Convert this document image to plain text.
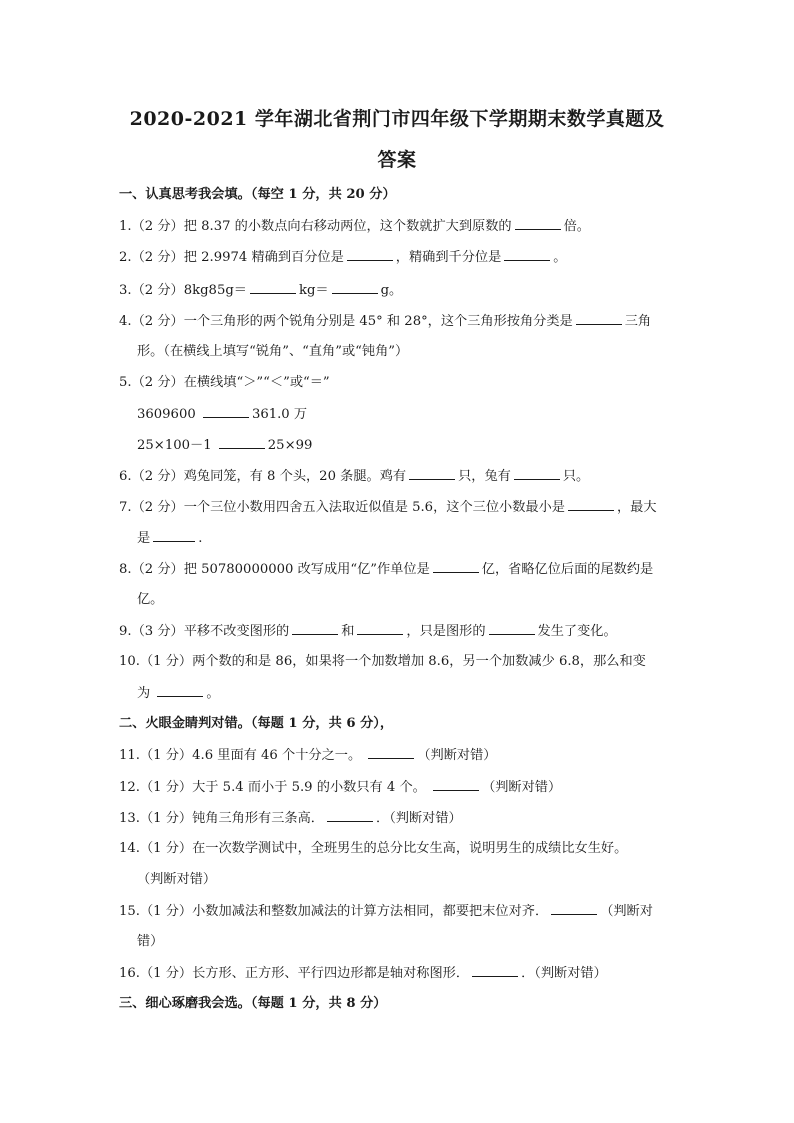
2020-2021 学年湖北省荆门市四年级下学期期末数学真题及
答案
一、认真思考我会填。（每空 1 分，共 20 分）
1.（2 分）把 8.37 的小数点向右移动两位，这个数就扩大到原数的	倍。
2.（2 分）把 2.9974 精确到百分位是	，精确到千分位是	。
3.（2 分）8kg85g＝	kg＝	g。
4.（2 分）一个三角形的两个锐角分别是 45° 和 28°，这个三角形按角分类是	三角
形。（在横线上填写“锐角”、“直角”或“钝角”）
5.（2 分）在横线填“＞”“＜”或“＝”
3609600	361.0 万
25×100－1	25×99
6.（2 分）鸡兔同笼，有 8 个头，20 条腿。鸡有	只，兔有	只。
7.（2 分）一个三位小数用四舍五入法取近似值是 5.6，这个三位小数最小是	，最大
是	.
8.（2 分）把 50780000000 改写成用“亿”作单位是	亿，省略亿位后面的尾数约是
亿。
9.（3 分）平移不改变图形的	和	，只是图形的	发生了变化。
10.（1 分）两个数的和是 86，如果将一个加数增加 8.6，另一个加数减少 6.8，那么和变
为	。
二、火眼金睛判对错。（每题 1 分，共 6 分），
11.（1 分）4.6 里面有 46 个十分之一。	（判断对错）
12.（1 分）大于 5.4 而小于 5.9 的小数只有 4 个。	（判断对错）
13.（1 分）钝角三角形有三条高．	．（判断对错）
14.（1 分）在一次数学测试中，全班男生的总分比女生高，说明男生的成绩比女生好。
（判断对错）
15.（1 分）小数加减法和整数加减法的计算方法相同，都要把末位对齐．	（判断对
错）
16.（1 分）长方形、正方形、平行四边形都是轴对称图形．	．（判断对错）
三、细心琢磨我会选。（每题 1 分，共 8 分）
